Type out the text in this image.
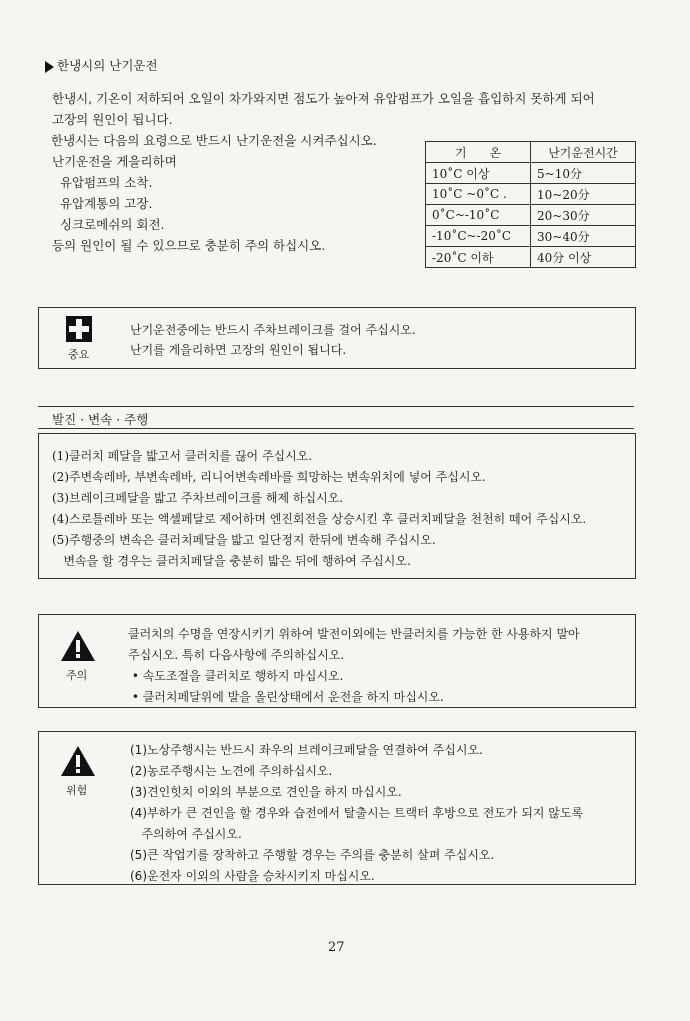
한냉시의 난기운전
한냉시, 기온이 저하되어 오일이 차가와지면 점도가 높아져 유압펌프가 오일을 흡입하지 못하게 되어
고장의 원인이 됩니다.
한냉시는 다음의 요령으로 반드시 난기운전을 시켜주십시오.
난기운전을 게을리하며
유압펌프의 소착.
유압계통의 고장.
싱크로메쉬의 회전.
등의 원인이 될 수 있으므로 충분히 주의 하십시오.
기      온	난기운전시간
10˚C 이상	5~10分
10˚C ~0˚C .	10~20分
0˚C~-10˚C	20~30分
-10˚C~-20˚C	30~40分
-20˚C 이하	40分 이상
중요
난기운전중에는 반드시 주차브레이크를 걸어 주십시오.
난기를 게을리하면 고장의 원인이 됩니다.
발진 · 변속 · 주행
(1)클러치 페달을 밟고서 클러치를 끊어 주십시오.
(2)주변속레바, 부변속레바, 리니어변속레바를 희망하는 변속위치에 넣어 주십시오.
(3)브레이크페달을 밟고 주차브레이크를 해제 하십시오.
(4)스로틀레바 또는 액셀페달로 제어하며 엔진회전을 상승시킨 후 클러치페달을 천천히 떼어 주십시오.
(5)주행중의 변속은 클러치페달을 밟고 일단정지 한뒤에 변속해 주십시오.
변속을 할 경우는 클러치페달을 충분히 밟은 뒤에 행하여 주십시오.
주의
클러치의 수명을 연장시키기 위하여 발전이외에는 반클러치를 가능한 한 사용하지 말아
주십시오. 특히 다음사항에 주의하십시오.
• 속도조절을 클러치로 행하지 마십시오.
• 클러치페달위에 발을 올린상태에서 운전을 하지 마십시오.
위험
(1)노상주행시는 반드시 좌우의 브레이크페달을 연결하여 주십시오.
(2)농로주행시는 노견에 주의하십시오.
(3)견인힛치 이외의 부분으로 견인을 하지 마십시오.
(4)부하가 큰 견인을 할 경우와 습전에서 탈출시는 트랙터 후방으로 전도가 되지 않도록
주의하여 주십시오.
(5)큰 작업기를 장착하고 주행할 경우는 주의를 충분히 살펴 주십시오.
(6)운전자 이외의 사람을 승차시키지 마십시오.
27
